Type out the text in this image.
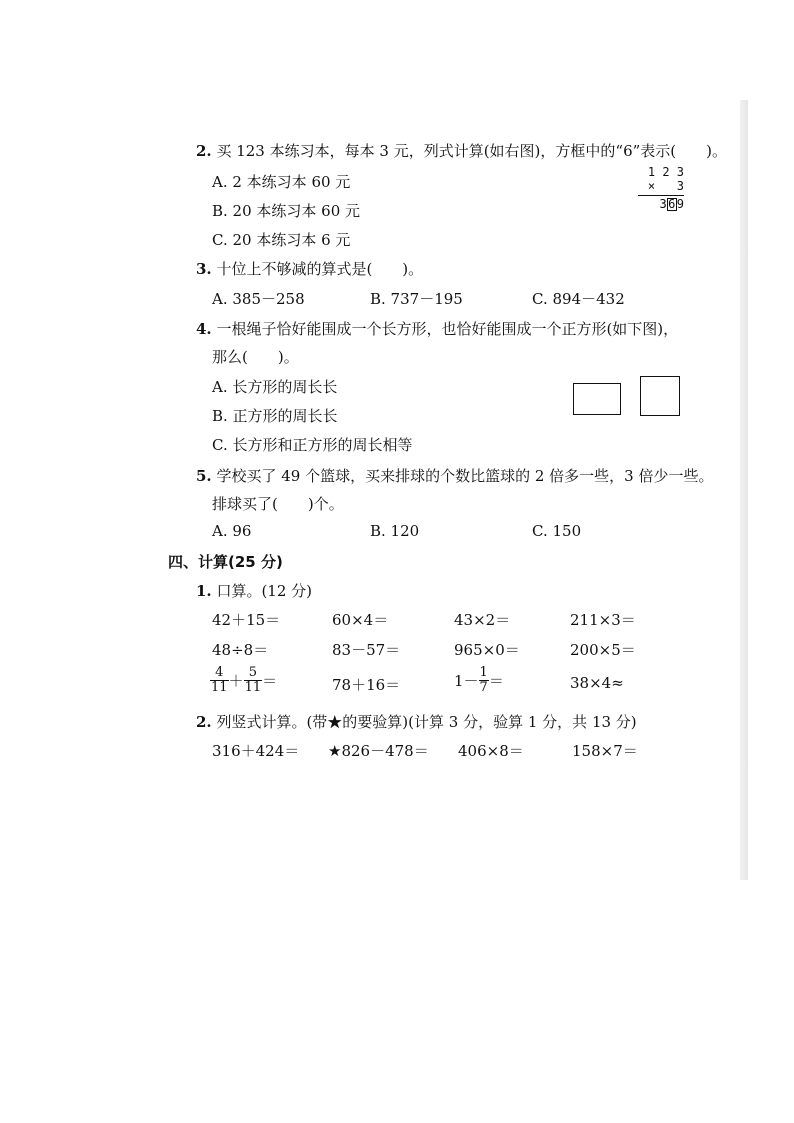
2. 买 123 本练习本，每本 3 元，列式计算(如右图)，方框中的“6”表示(　　)。
A. 2 本练习本 60 元
B. 20 本练习本 60 元
C. 20 本练习本 6 元
1 2 3
× 3
369
3. 十位上不够减的算式是(　　)。
A. 385－258	B. 737－195	C. 894－432
4. 一根绳子恰好能围成一个长方形，也恰好能围成一个正方形(如下图)，
那么(　　)。
A. 长方形的周长长
B. 正方形的周长长
C. 长方形和正方形的周长相等
5. 学校买了 49 个篮球，买来排球的个数比篮球的 2 倍多一些，3 倍少一些。
排球买了(　　)个。
A. 96	B. 120	C. 150
四、计算(25 分)
1. 口算。(12 分)
42＋15＝	60×4＝	43×2＝	211×3＝
48÷8＝	83－57＝	965×0＝	200×5＝
$\frac{4}{11} + \frac{5}{11}$ ＝	78＋16＝	$1- \frac{1}{7}$ ＝	38×4≈
2. 列竖式计算。(带★的要验算)(计算 3 分，验算 1 分，共 13 分)
316＋424＝ ★826－478＝ 406×8＝	158×7＝
